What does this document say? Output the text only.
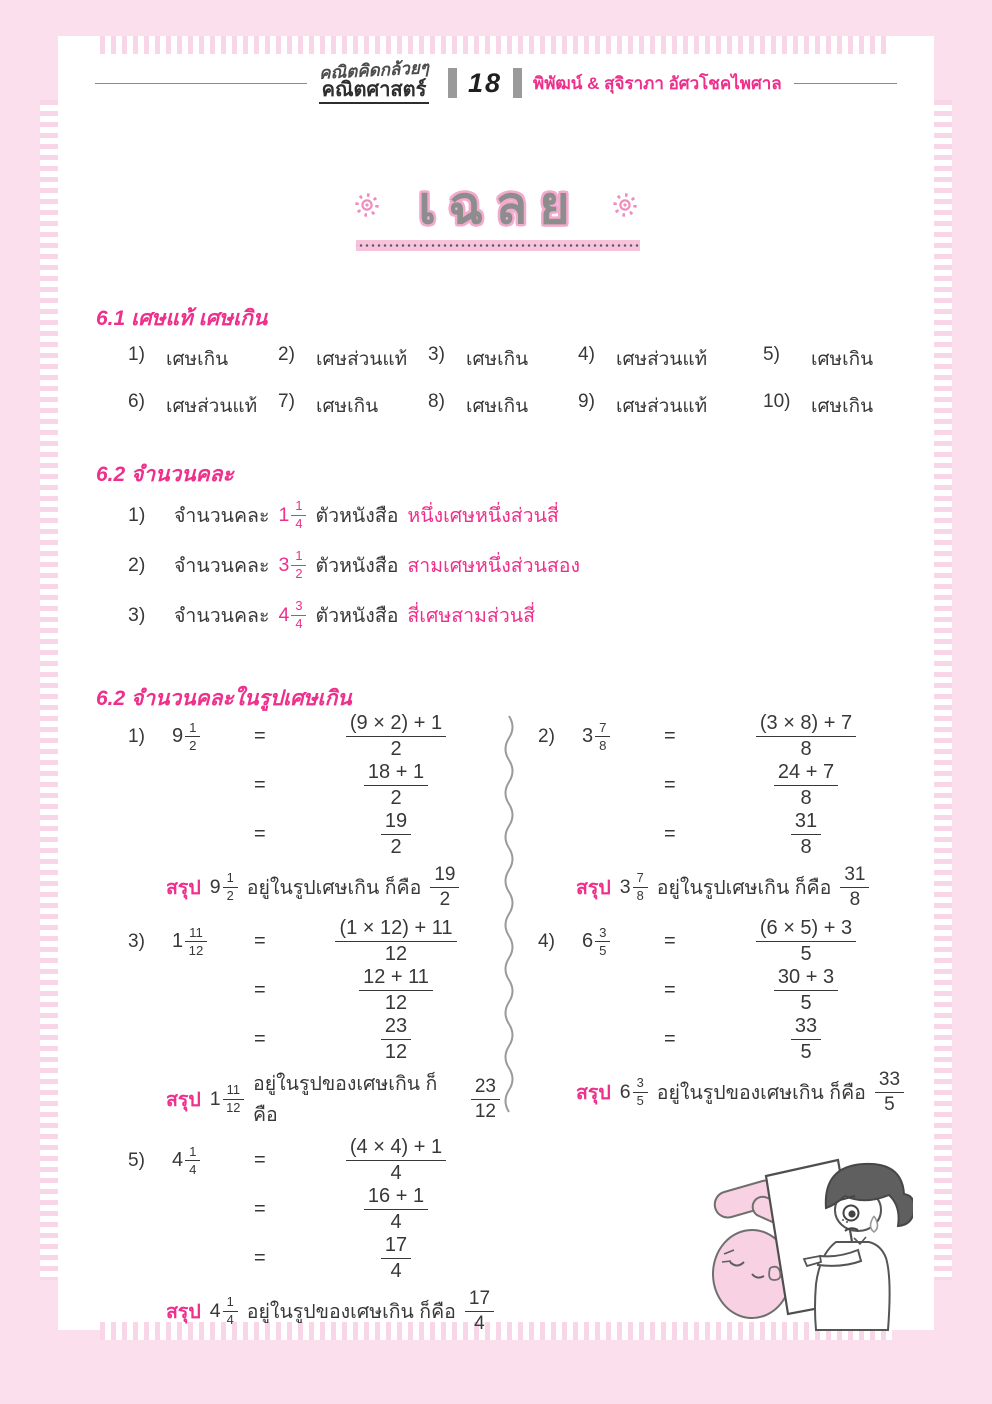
คณิตคิดกล้วยๆ
คณิตศาสตร์ 18 พิพัฒน์ & สุจิราภา อัศวโชคไพศาล
เฉลย
6.1 เศษแท้ เศษเกิน
1)	เศษเกิน	2)	เศษส่วนแท้	3)	เศษเกิน	4)	เศษส่วนแท้	5)	เศษเกิน
6)	เศษส่วนแท้	7)	เศษเกิน	8)	เศษเกิน	9)	เศษส่วนแท้	10)	เศษเกิน
6.2 จำนวนคละ
1)	จำนวนคละ $1 \frac{1}{4}$ ตัวหนังสือ หนึ่งเศษหนึ่งส่วนสี่
2)	จำนวนคละ $3 \frac{1}{2}$ ตัวหนังสือ สามเศษหนึ่งส่วนสอง
3)	จำนวนคละ $4 \frac{3}{4}$ ตัวหนังสือ สี่เศษสามส่วนสี่
6.2 จำนวนคละในรูปเศษเกิน
1)	$9 \frac{1}{2}$	=	$\frac{(9 \times 2) + 1}{2}$
=	$\frac{18 + 1}{2}$
=	$\frac{19}{2}$
สรุป $9 \frac{1}{2}$ อยู่ในรูปเศษเกิน ก็คือ $\frac{19}{2}$
3)	$1 \frac{11}{12}$ =	$\frac{(1 \times 12) + 11}{12}$
=	$\frac{12 + 11}{12}$
=	$\frac{23}{12}$
สรุป $1 \frac{11}{12}$ อยู่ในรูปของเศษเกิน ก็คือ	$\frac{23}{12}$
5)	$4 \frac{1}{4}$	=	$\frac{(4 \times 4) + 1}{4}$
=	$\frac{16 + 1}{4}$
=	$\frac{17}{4}$
สรุป $4 \frac{1}{4}$ อยู่ในรูปของเศษเกิน ก็คือ $\frac{17}{4}$
2)	$3 \frac{7}{8}$	=	$\frac{(3 \times 8) + 7}{8}$
=	$\frac{24 + 7}{8}$
=	$\frac{31}{8}$
สรุป $3 \frac{7}{8}$ อยู่ในรูปเศษเกิน ก็คือ $\frac{31}{8}$
4)	$6 \frac{3}{5}$	=	$\frac{(6 \times 5) + 3}{5}$
=	$\frac{30 + 3}{5}$
=	$\frac{33}{5}$
สรุป $6 \frac{3}{5}$ อยู่ในรูปของเศษเกิน ก็คือ $\frac{33}{5}$
